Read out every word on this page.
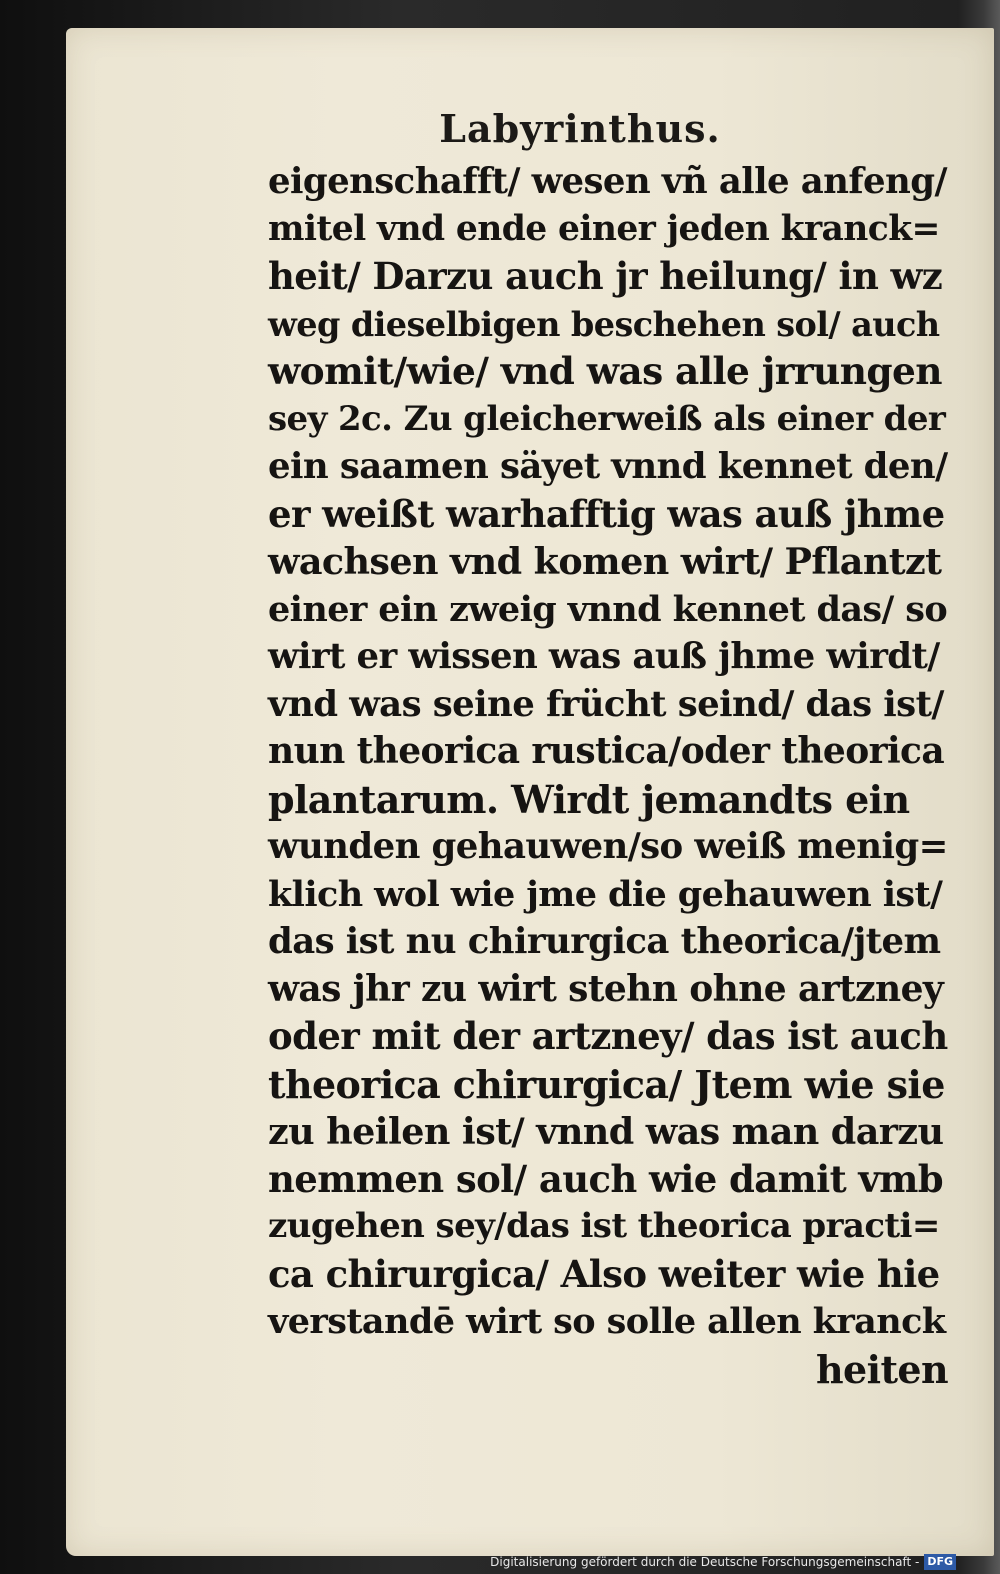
Labyrinthus.
eigenschafft/ wesen vñ alle anfeng/
mitel vnd ende einer jeden kranck=
heit/ Darzu auch jr heilung/ in wz
weg dieselbigen beschehen sol/ auch
womit/wie/ vnd was alle jrrungen
sey 2c. Zu gleicherweiß als einer der
ein saamen säyet vnnd kennet den/
er weißt warhafftig was auß jhme
wachsen vnd komen wirt/ Pflantzt
einer ein zweig vnnd kennet das/ so
wirt er wissen was auß jhme wirdt/
vnd was seine frücht seind/ das ist/
nun theorica rustica/oder theorica
plantarum. Wirdt jemandts ein
wunden gehauwen/so weiß menig=
klich wol wie jme die gehauwen ist/
das ist nu chirurgica theorica/jtem
was jhr zu wirt stehn ohne artzney
oder mit der artzney/ das ist auch
theorica chirurgica/ Jtem wie sie
zu heilen ist/ vnnd was man darzu
nemmen sol/ auch wie damit vmb
zugehen sey/das ist theorica practi=
ca chirurgica/ Also weiter wie hie
verstandē wirt so solle allen kranck
heiten
Digitalisierung gefördert durch die Deutsche Forschungsgemeinschaft - DFG
